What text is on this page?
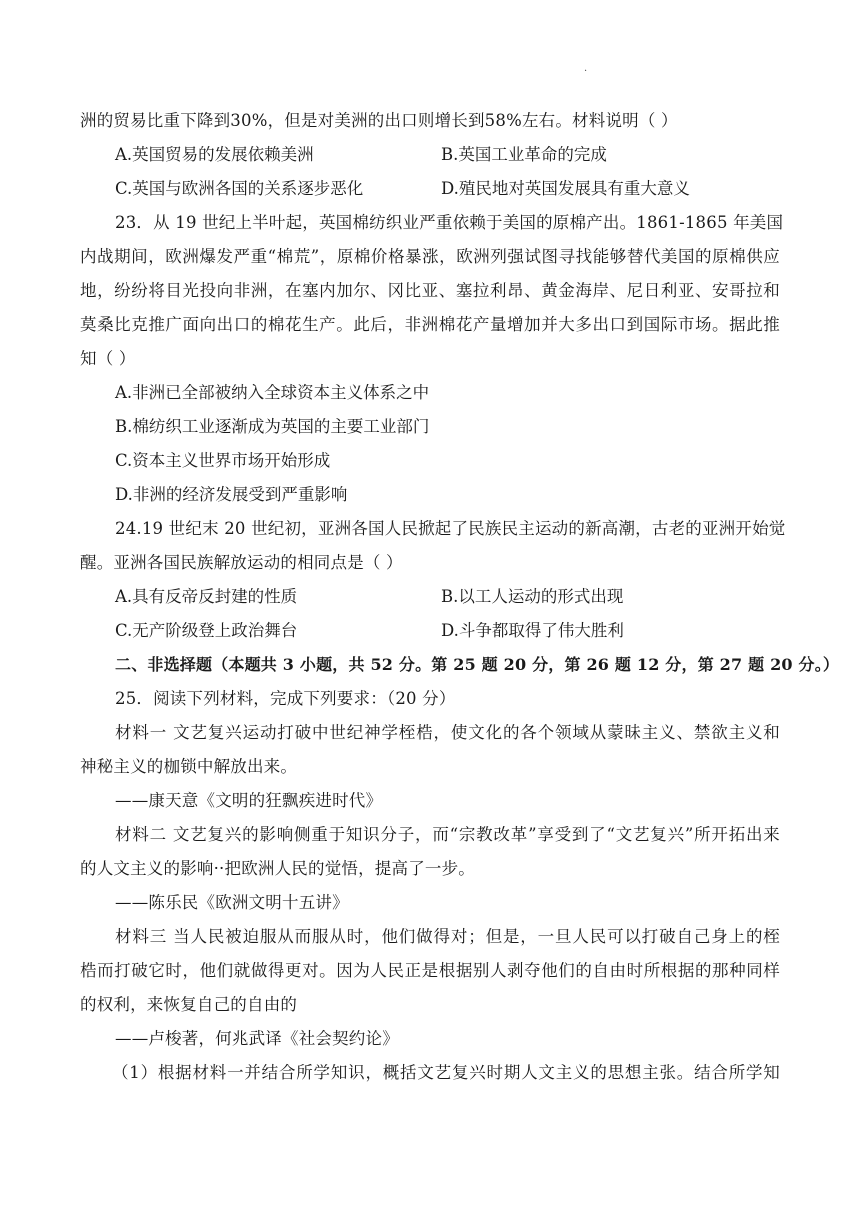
·
洲的贸易比重下降到30%，但是对美洲的出口则增长到58%左右。材料说明（ ）
A.英国贸易的发展依赖美洲	B.英国工业革命的完成
C.英国与欧洲各国的关系逐步恶化	D.殖民地对英国发展具有重大意义
23．从 19 世纪上半叶起，英国棉纺织业严重依赖于美国的原棉产出。1861-1865 年美国
内战期间，欧洲爆发严重“棉荒”，原棉价格暴涨，欧洲列强试图寻找能够替代美国的原棉供应
地，纷纷将目光投向非洲，在塞内加尔、冈比亚、塞拉利昂、黄金海岸、尼日利亚、安哥拉和
莫桑比克推广面向出口的棉花生产。此后，非洲棉花产量增加并大多出口到国际市场。据此推
知（ ）
A.非洲已全部被纳入全球资本主义体系之中
B.棉纺织工业逐渐成为英国的主要工业部门
C.资本主义世界市场开始形成
D.非洲的经济发展受到严重影响
24.19 世纪末 20 世纪初，亚洲各国人民掀起了民族民主运动的新高潮，古老的亚洲开始觉
醒。亚洲各国民族解放运动的相同点是（ ）
A.具有反帝反封建的性质	B.以工人运动的形式出现
C.无产阶级登上政治舞台	D.斗争都取得了伟大胜利
二、非选择题（本题共 3 小题，共 52 分。第 25 题 20 分，第 26 题 12 分，第 27 题 20 分。）
25．阅读下列材料，完成下列要求：（20 分）
材料一 文艺复兴运动打破中世纪神学桎梏，使文化的各个领域从蒙昧主义、禁欲主义和
神秘主义的枷锁中解放出来。
——康天意《文明的狂飘疾进时代》
材料二 文艺复兴的影响侧重于知识分子，而“宗教改革”享受到了“文艺复兴”所开拓出来
的人文主义的影响··把欧洲人民的觉悟，提高了一步。
——陈乐民《欧洲文明十五讲》
材料三 当人民被迫服从而服从时，他们做得对；但是，一旦人民可以打破自己身上的桎
梏而打破它时，他们就做得更对。因为人民正是根据别人剥夺他们的自由时所根据的那种同样
的权利，来恢复自己的自由的
——卢梭著，何兆武译《社会契约论》
（1）根据材料一并结合所学知识，概括文艺复兴时期人文主义的思想主张。结合所学知
